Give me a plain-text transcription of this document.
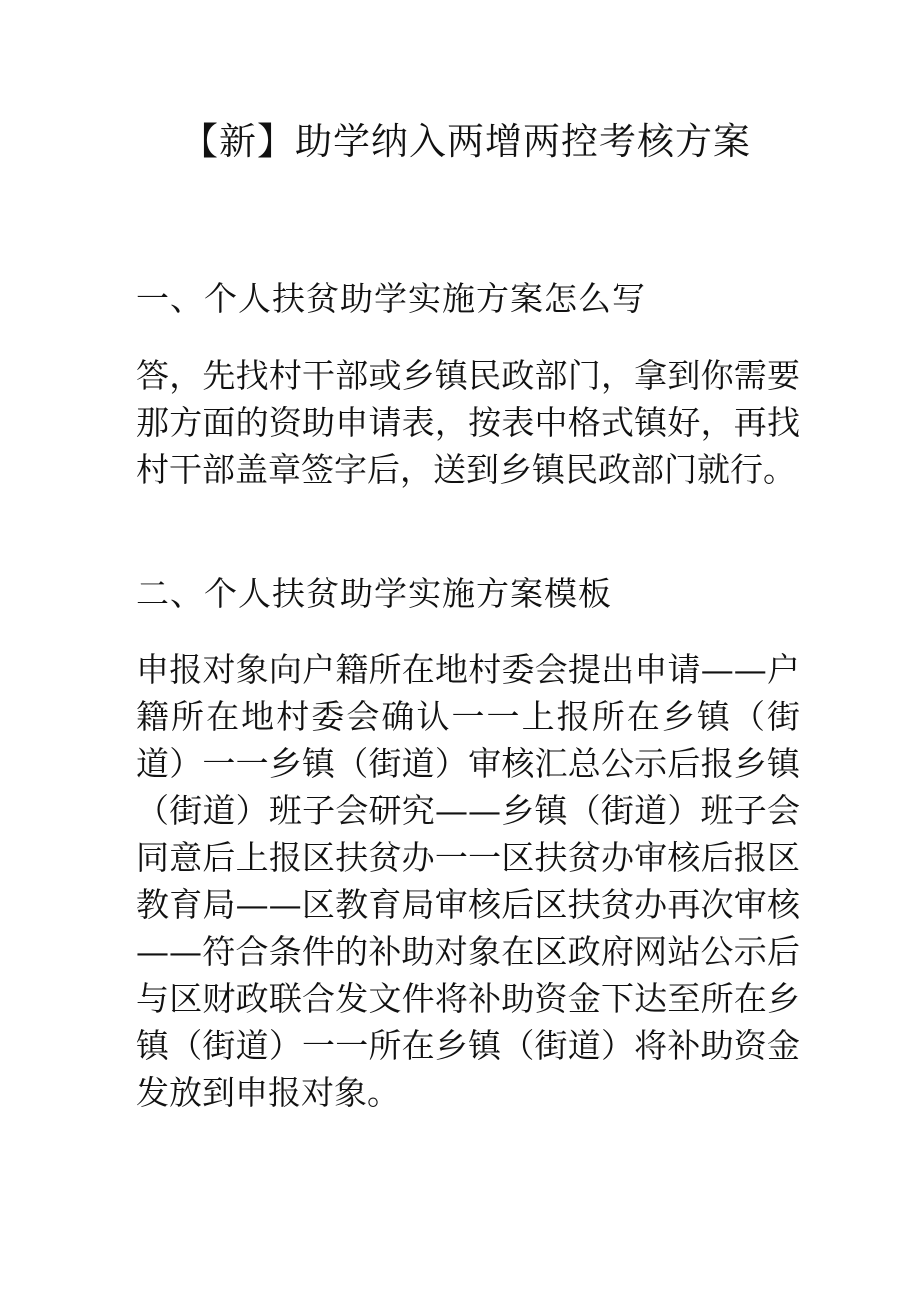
【新】助学纳入两增两控考核方案
一、个人扶贫助学实施方案怎么写

答，先找村干部或乡镇民政部门，拿到你需要那方面的资助申请表，按表中格式镇好，再找村干部盖章签字后，送到乡镇民政部门就行。

二、个人扶贫助学实施方案模板

申报对象向户籍所在地村委会提出申请——户籍所在地村委会确认一一上报所在乡镇（街道）一一乡镇（街道）审核汇总公示后报乡镇（街道）班子会研究——乡镇（街道）班子会同意后上报区扶贫办一一区扶贫办审核后报区教育局——区教育局审核后区扶贫办再次审核——符合条件的补助对象在区政府网站公示后与区财政联合发文件将补助资金下达至所在乡镇（街道）一一所在乡镇（街道）将补助资金发放到申报对象。
